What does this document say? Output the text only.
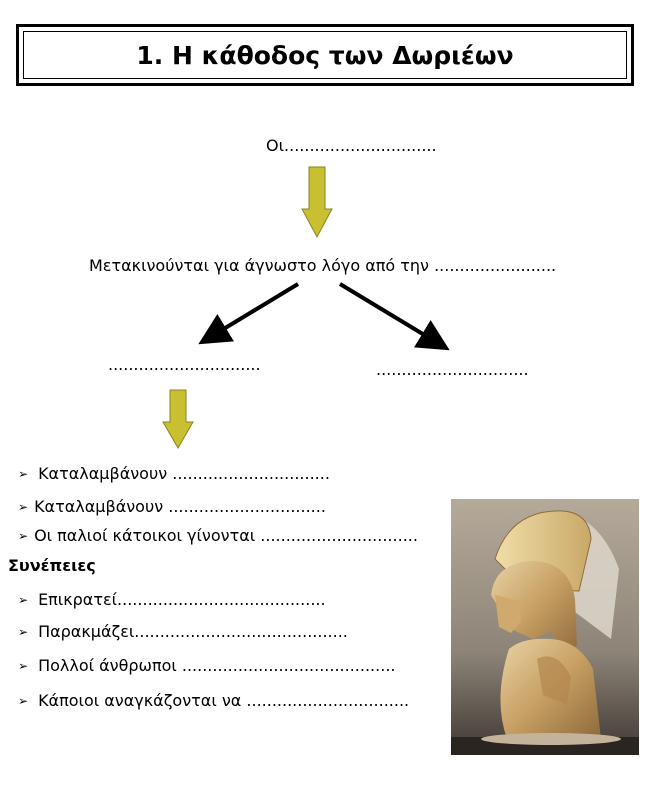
1. Η κάθοδος των Δωριέων
Οι..............................
Μετακινούνται για άγνωστο λόγο από την ........................
..............................	..............................
➢ Καταλαμβάνουν
...............................
➢ Καταλαμβάνουν
...............................
➢ Οι παλιοί κάτοικοι γίνονται
...............................
Συνέπειες
➢ Επικρατεί .........................................
➢ Παρακμάζει ..........................................
➢ Πολλοί άνθρωποι
..........................................
➢ Κάποιοι αναγκάζονται να
................................
